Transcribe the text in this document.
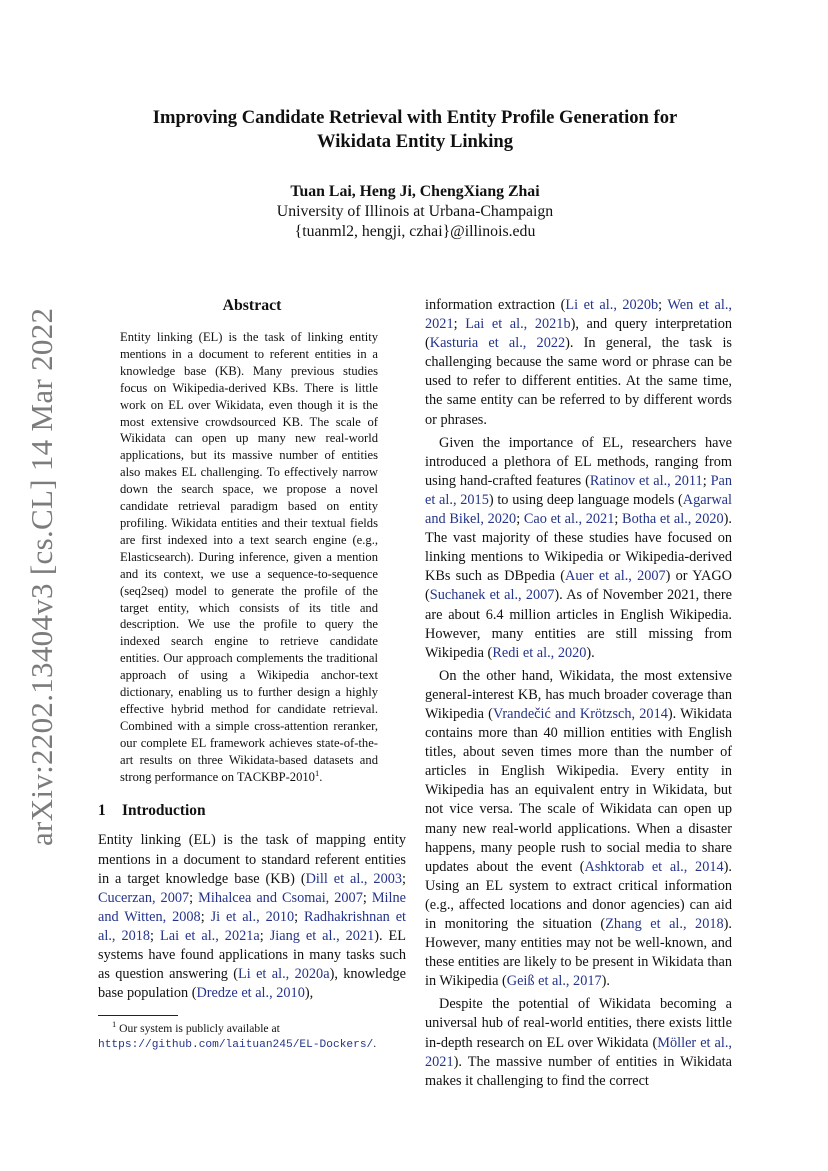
Improving Candidate Retrieval with Entity Profile Generation for
Wikidata Entity Linking
Tuan Lai, Heng Ji, ChengXiang Zhai
University of Illinois at Urbana-Champaign
{tuanml2, hengji, czhai}@illinois.edu
arXiv:2202.13404v3 [cs.CL] 14 Mar 2022
Abstract
Entity linking (EL) is the task of linking entity mentions in a document to referent entities in a knowledge base (KB). Many previous studies focus on Wikipedia-derived KBs. There is little work on EL over Wikidata, even though it is the most extensive crowdsourced KB. The scale of Wikidata can open up many new real-world applications, but its massive number of entities also makes EL challenging. To effectively narrow down the search space, we propose a novel candidate retrieval paradigm based on entity profiling. Wikidata entities and their textual fields are first indexed into a text search engine (e.g., Elasticsearch). During inference, given a mention and its context, we use a sequence-to-sequence (seq2seq) model to generate the profile of the target entity, which consists of its title and description. We use the profile to query the indexed search engine to retrieve candidate entities. Our approach complements the traditional approach of using a Wikipedia anchor-text dictionary, enabling us to further design a highly effective hybrid method for candidate retrieval. Combined with a simple cross-attention reranker, our complete EL framework achieves state-of-the-art results on three Wikidata-based datasets and strong performance on TACKBP-2010$^1$.
1 Introduction

Entity linking (EL) is the task of mapping entity mentions in a document to standard referent entities in a target knowledge base (KB) (Dill et al., 2003; Cucerzan, 2007; Mihalcea and Csomai, 2007; Milne and Witten, 2008; Ji et al., 2010; Radhakrishnan et al., 2018; Lai et al., 2021a; Jiang et al., 2021). EL systems have found applications in many tasks such as question answering (Li et al., 2020a), knowledge base population (Dredze et al., 2010),

$^1$ Our system is publicly available at https://github.com/laituan245/EL-Dockers/.

information extraction (Li et al., 2020b; Wen et al., 2021; Lai et al., 2021b), and query interpretation (Kasturia et al., 2022). In general, the task is challenging because the same word or phrase can be used to refer to different entities. At the same time, the same entity can be referred to by different words or phrases.

Given the importance of EL, researchers have introduced a plethora of EL methods, ranging from using hand-crafted features (Ratinov et al., 2011; Pan et al., 2015) to using deep language models (Agarwal and Bikel, 2020; Cao et al., 2021; Botha et al., 2020). The vast majority of these studies have focused on linking mentions to Wikipedia or Wikipedia-derived KBs such as DBpedia (Auer et al., 2007) or YAGO (Suchanek et al., 2007). As of November 2021, there are about 6.4 million articles in English Wikipedia. However, many entities are still missing from Wikipedia (Redi et al., 2020).

On the other hand, Wikidata, the most extensive general-interest KB, has much broader coverage than Wikipedia (Vrandečić and Krötzsch, 2014). Wikidata contains more than 40 million entities with English titles, about seven times more than the number of articles in English Wikipedia. Every entity in Wikipedia has an equivalent entry in Wikidata, but not vice versa. The scale of Wikidata can open up many new real-world applications. When a disaster happens, many people rush to social media to share updates about the event (Ashktorab et al., 2014). Using an EL system to extract critical information (e.g., affected locations and donor agencies) can aid in monitoring the situation (Zhang et al., 2018). However, many entities may not be well-known, and these entities are likely to be present in Wikidata than in Wikipedia (Geiß et al., 2017).

Despite the potential of Wikidata becoming a universal hub of real-world entities, there exists little in-depth research on EL over Wikidata (Möller et al., 2021). The massive number of entities in Wikidata makes it challenging to find the correct
